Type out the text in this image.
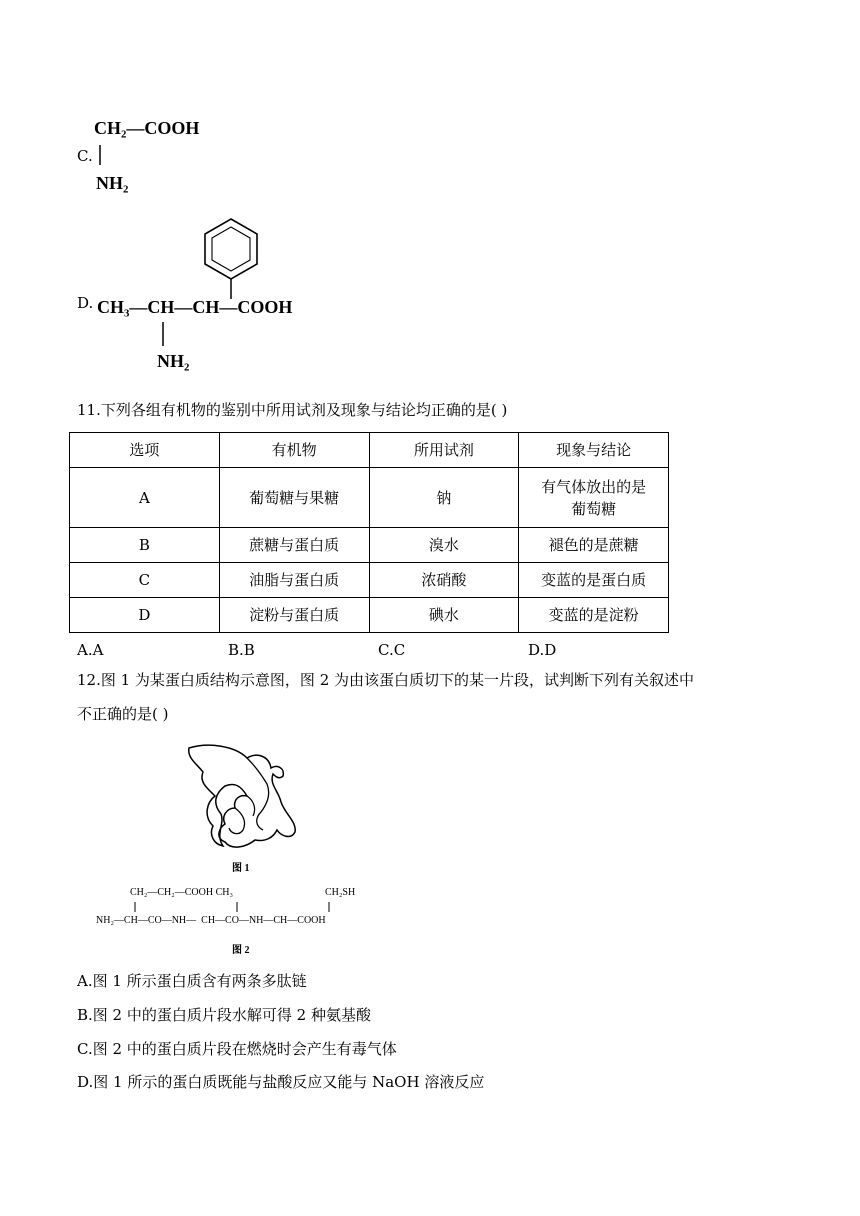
CH₂—COOH
C.
NH₂
D. CH₃—CH—CH—COOH
NH₂
11.下列各组有机物的鉴别中所用试剂及现象与结论均正确的是( )
选项	有机物	所用试剂	现象与结论
A	葡萄糖与果糖	钠	有气体放出的是
葡萄糖

B	蔗糖与蛋白质	溴水	褪色的是蔗糖
C	油脂与蛋白质	浓硝酸	变蓝的是蛋白质
D	淀粉与蛋白质	碘水	变蓝的是淀粉
A.A	B.B	C.C	D.D
12.图 1 为某蛋白质结构示意图，图 2 为由该蛋白质切下的某一片段，试判断下列有关叙述中
不正确的是( )
图 1
CH₂—CH₂—COOH CH₃	CH₂SH
NH₂—CH—CO—NH—  CH—CO—NH—CH—COOH
图 2
A.图 1 所示蛋白质含有两条多肽链
B.图 2 中的蛋白质片段水解可得 2 种氨基酸
C.图 2 中的蛋白质片段在燃烧时会产生有毒气体
D.图 1 所示的蛋白质既能与盐酸反应又能与 NaOH 溶液反应
